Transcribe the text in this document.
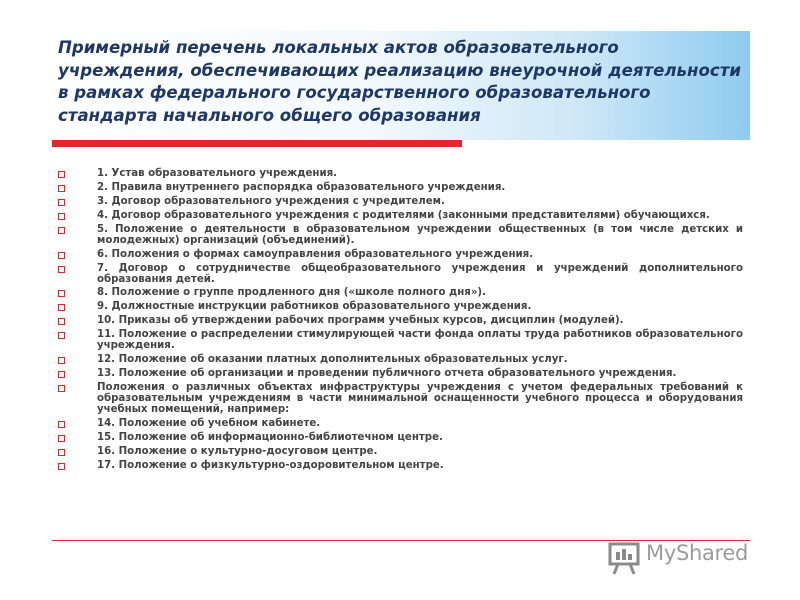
Примерный перечень локальных актов образовательного учреждения, обеспечивающих реализацию внеурочной деятельности в рамках федерального государственного образовательного стандарта начального общего образования
1. Устав образовательного учреждения.
2. Правила внутреннего распорядка образовательного учреждения.
3. Договор образовательного учреждения с учредителем.
4. Договор образовательного учреждения с родителями (законными представителями) обучающихся.
5. Положение о деятельности в образовательном учреждении общественных (в том числе детских и молодежных) организаций (объединений).
6. Положения о формах самоуправления образовательного учреждения.
7. Договор о сотрудничестве общеобразовательного учреждения и учреждений дополнительного образования детей.
8. Положение о группе продленного дня («школе полного дня»).
9. Должностные инструкции работников образовательного учреждения.
10. Приказы об утверждении рабочих программ учебных курсов, дисциплин (модулей).
11. Положение о распределении стимулирующей части фонда оплаты труда работников образовательного учреждения.
12. Положение об оказании платных дополнительных образовательных услуг.
13. Положение об организации и проведении публичного отчета образовательного учреждения.
Положения о различных объектах инфраструктуры учреждения с учетом федеральных требований к образовательным учреждениям в части минимальной оснащенности учебного процесса и оборудования учебных помещений, например:
14. Положение об учебном кабинете.
15. Положение об информационно-библиотечном центре.
16. Положение о культурно-досуговом центре.
17. Положение о физкультурно-оздоровительном центре.
MyShared
